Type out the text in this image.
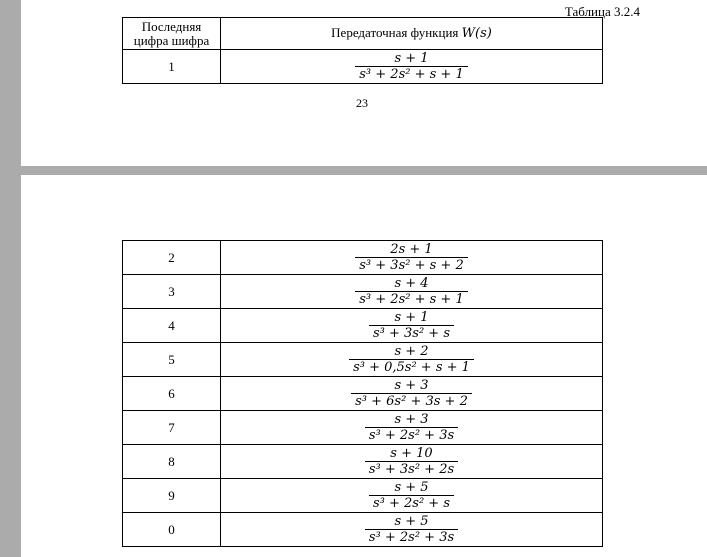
Таблица 3.2.4
Последняя цифра шифра	Передаточная функция W(s)
1	$\frac{s + 1}{\text{s³ + 2s² + s + 1}}$
23
2	$\frac{2s + 1}{\text{s³ + 3s² + s + 2}}$

3	$\frac{s + 4}{\text{s³ + 2s² + s + 1}}$

4	$\frac{s + 1}{\text{s³ + 3s² + s}}$

5	$\frac{s + 2}{\text{s³ + 0,5s² + s + 1}}$

6	$\frac{s + 3}{\text{s³ + 6s² + 3s + 2}}$

7	$\frac{s + 3}{\text{s³ + 2s² + 3s}}$

8	$\frac{s + 10}{\text{s³ + 3s² + 2s}}$

9	$\frac{s + 5}{\text{s³ + 2s² + s}}$

0	$\frac{s + 5}{\text{s³ + 2s² + 3s}}$
